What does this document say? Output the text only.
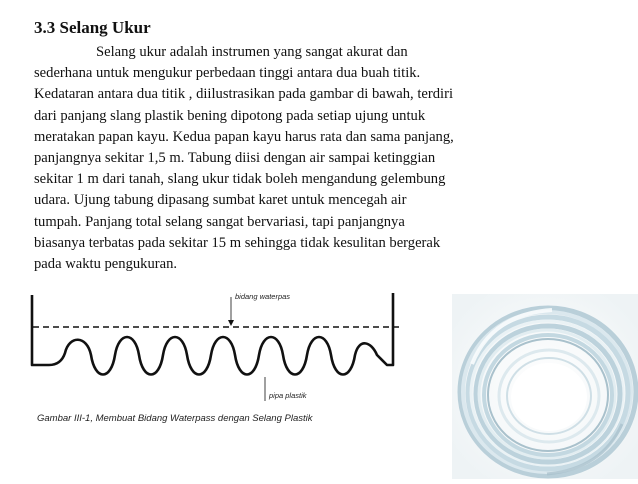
3.3 Selang Ukur

Selang ukur adalah instrumen yang sangat akurat dan
sederhana untuk mengukur perbedaan tinggi antara dua buah titik.
Kedataran antara dua titik , diilustrasikan pada gambar di bawah, terdiri
dari panjang slang plastik bening dipotong pada setiap ujung untuk
meratakan papan kayu. Kedua papan kayu harus rata dan sama panjang,
panjangnya sekitar 1,5 m. Tabung diisi dengan air sampai ketinggian
sekitar 1 m dari tanah, slang ukur tidak boleh mengandung gelembung
udara. Ujung tabung dipasang sumbat karet untuk mencegah air
tumpah. Panjang total selang sangat bervariasi, tapi panjangnya
biasanya terbatas pada sekitar 15 m sehingga tidak kesulitan bergerak
pada waktu pengukuran.

bidang waterpas
pipa plastik
Gambar III-1, Membuat Bidang Waterpass dengan Selang Plastik
